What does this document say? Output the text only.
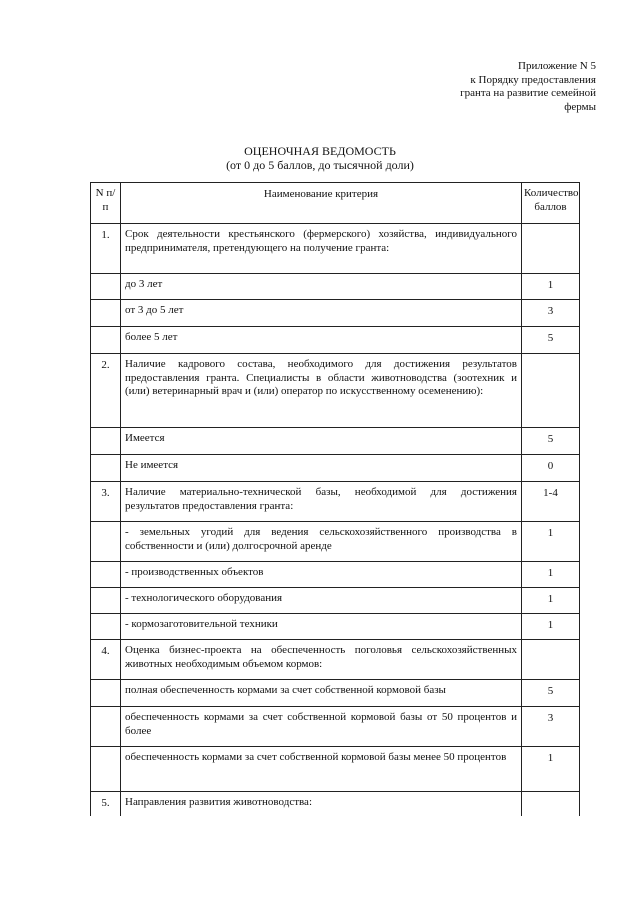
Приложение N 5
к Порядку предоставления
гранта на развитие семейной
фермы
ОЦЕНОЧНАЯ ВЕДОМОСТЬ
(от 0 до 5 баллов, до тысячной доли)
N п/п	Наименование критерия	Количество баллов
1.	Срок деятельности крестьянского (фермерского) хозяйства, индивидуального предпринимателя, претендующего на получение гранта:	
	до 3 лет	1
	от 3 до 5 лет	3
	более 5 лет	5
2.	Наличие кадрового состава, необходимого для достижения результатов предоставления гранта. Специалисты в области животноводства (зоотехник и (или) ветеринарный врач и (или) оператор по искусственному осеменению):	
	Имеется	5
	Не имеется	0
3.	Наличие материально-технической базы, необходимой для достижения результатов предоставления гранта:	1-4
	- земельных угодий для ведения сельскохозяйственного производства в собственности и (или) долгосрочной аренде	1
	- производственных объектов	1
	- технологического оборудования	1
	- кормозаготовительной техники	1
4.	Оценка бизнес-проекта на обеспеченность поголовья сельскохозяйственных животных необходимым объемом кормов:	
	полная обеспеченность кормами за счет собственной кормовой базы	5
	обеспеченность кормами за счет собственной кормовой базы от 50 процентов и более	3
	обеспеченность кормами за счет собственной кормовой базы менее 50 процентов	1
5.	Направления развития животноводства:	
